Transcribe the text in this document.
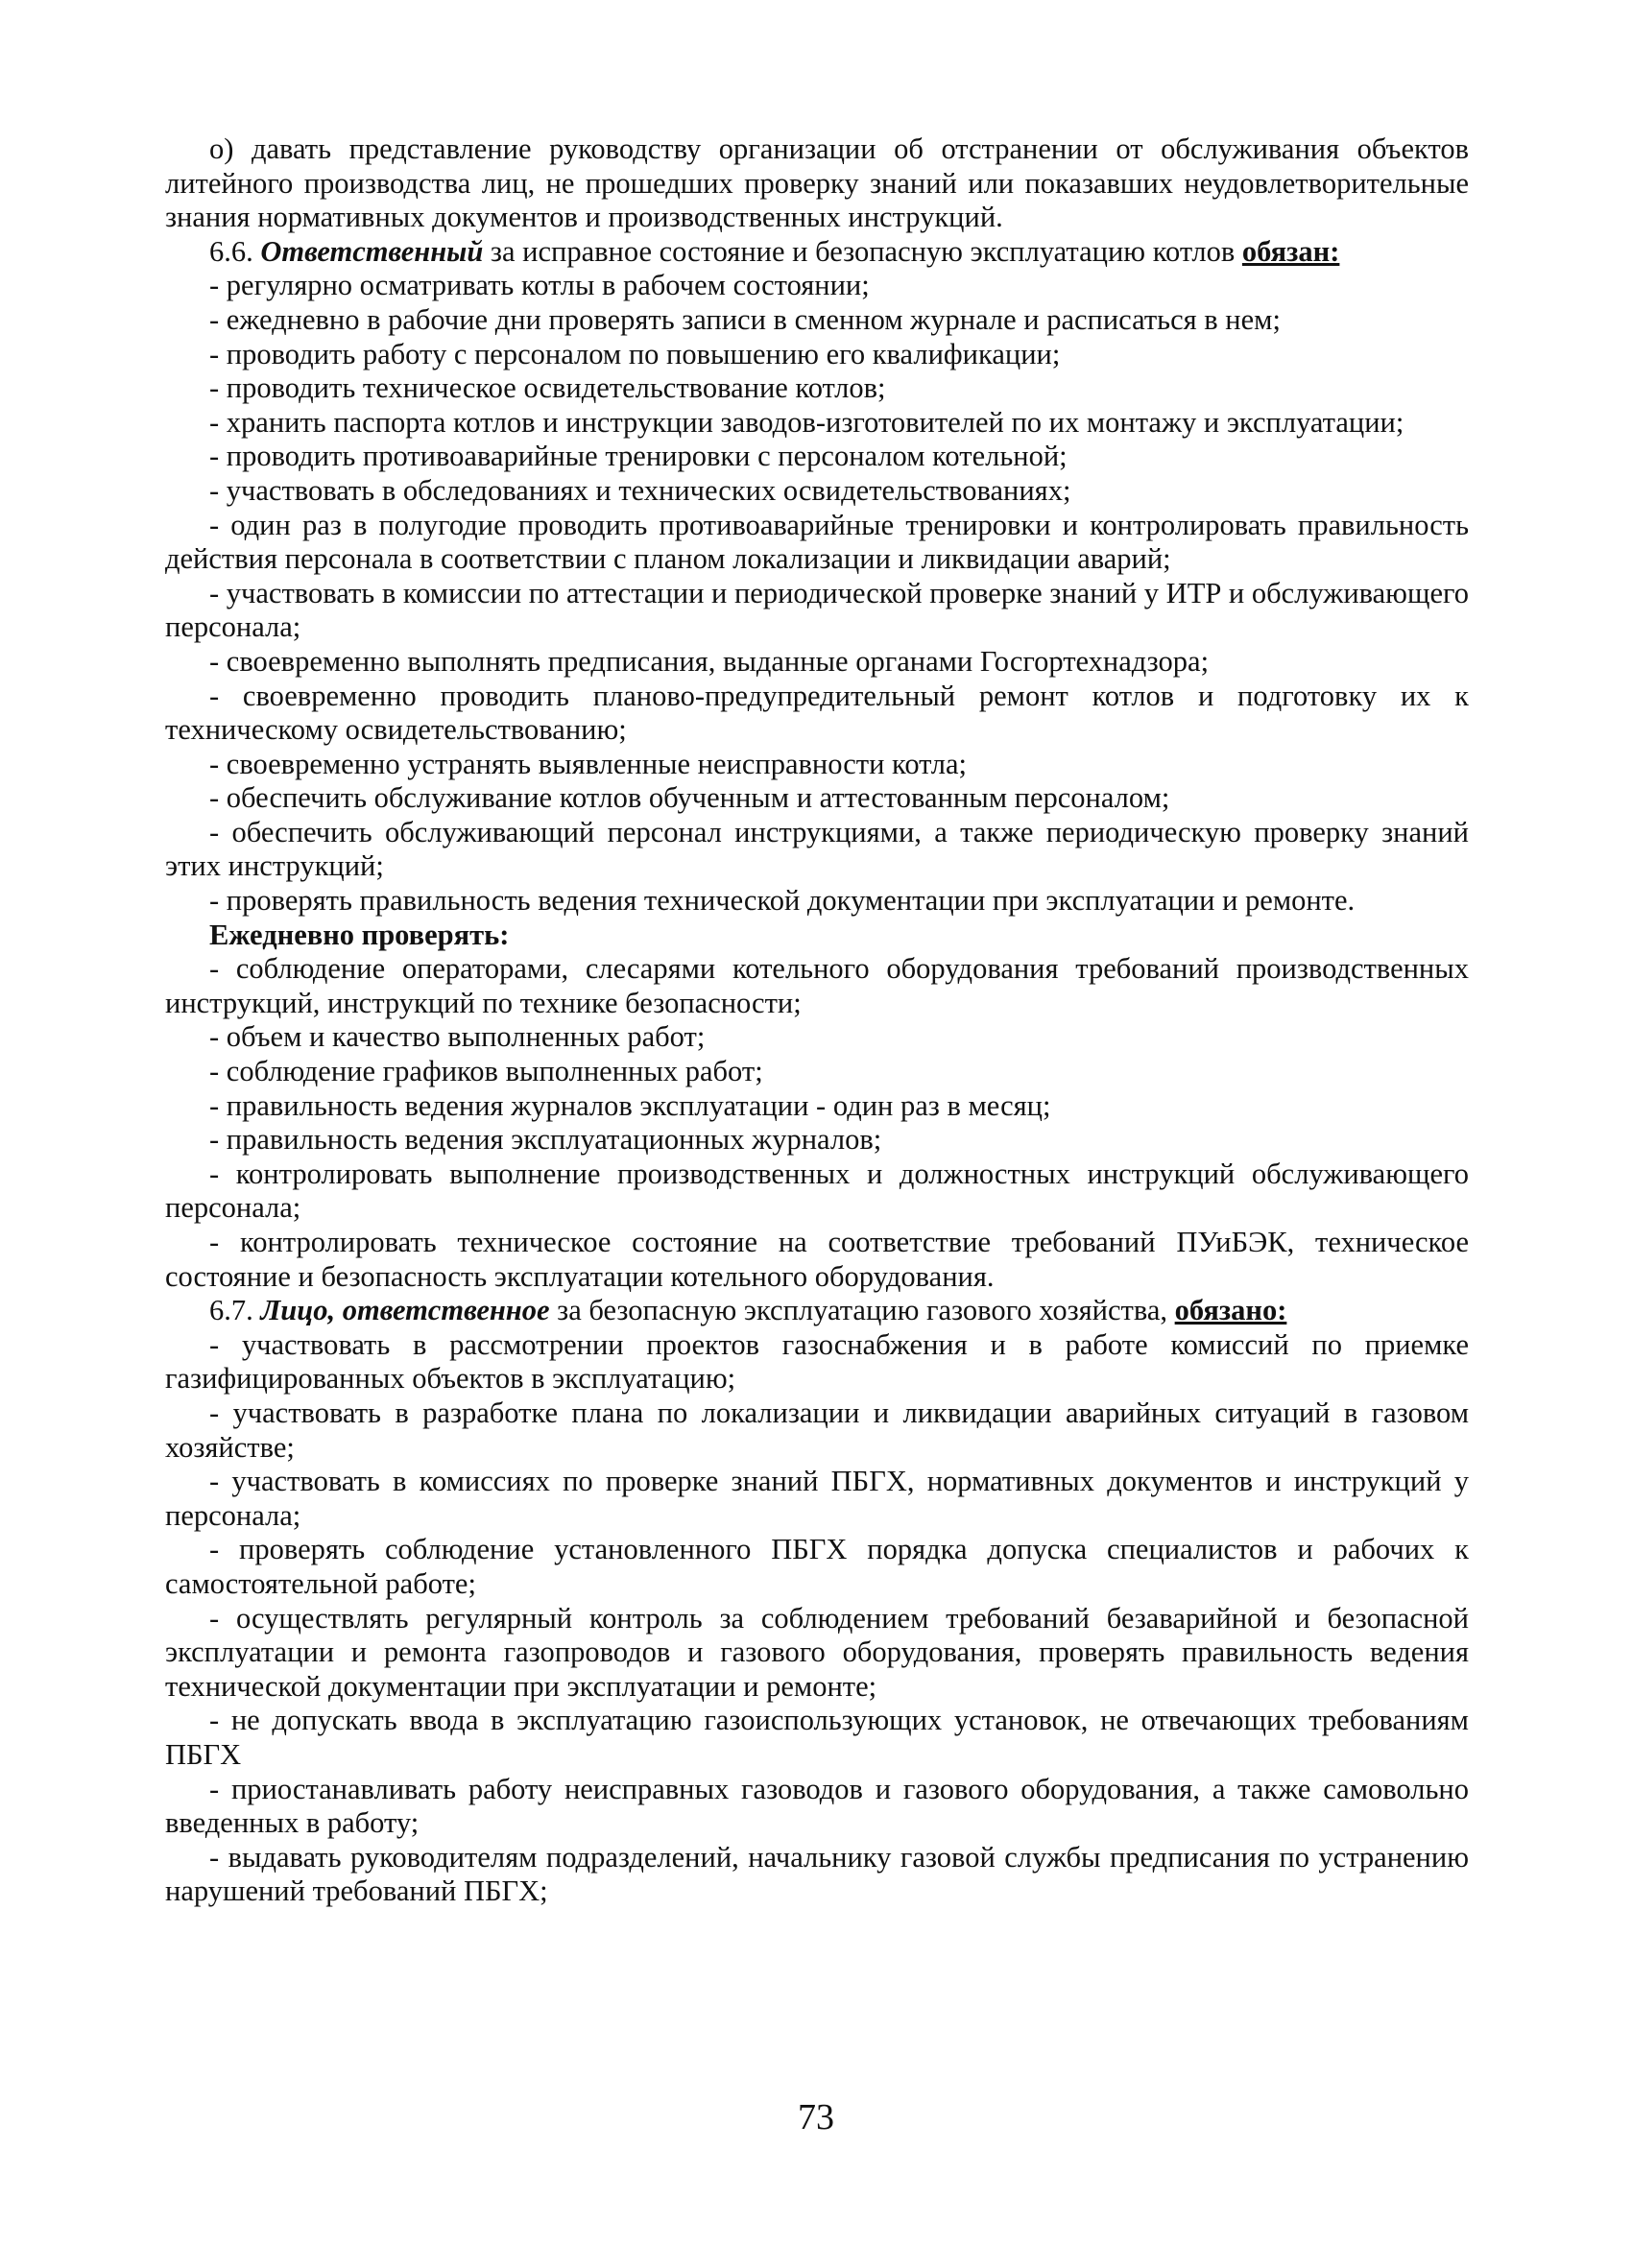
о) давать представление руководству организации об отстранении от обслуживания объектов литейного производства лиц, не прошедших проверку знаний или показавших неудовлетворительные знания нормативных документов и производственных инструкций.

6.6. Ответственный за исправное состояние и безопасную эксплуатацию котлов обязан:

- регулярно осматривать котлы в рабочем состоянии;

- ежедневно в рабочие дни проверять записи в сменном журнале и расписаться в нем;

- проводить работу с персоналом по повышению его квалификации;

- проводить техническое освидетельствование котлов;

- хранить паспорта котлов и инструкции заводов-изготовителей по их монтажу и эксплуатации;

- проводить противоаварийные тренировки с персоналом котельной;

- участвовать в обследованиях и технических освидетельствованиях;

- один раз в полугодие проводить противоаварийные тренировки и контролировать правильность действия персонала в соответствии с планом локализации и ликвидации аварий;

- участвовать в комиссии по аттестации и периодической проверке знаний у ИТР и обслуживающего персонала;

- своевременно выполнять предписания, выданные органами Госгортехнадзора;

- своевременно проводить планово-предупредительный ремонт котлов и подготовку их к техническому освидетельствованию;

- своевременно устранять выявленные неисправности котла;

- обеспечить обслуживание котлов обученным и аттестованным персоналом;

- обеспечить обслуживающий персонал инструкциями, а также периодическую проверку знаний этих инструкций;

- проверять правильность ведения технической документации при эксплуатации и ремонте.

Ежедневно проверять:

- соблюдение операторами, слесарями котельного оборудования требований производственных инструкций, инструкций по технике безопасности;

- объем и качество выполненных работ;

- соблюдение графиков выполненных работ;

- правильность ведения журналов эксплуатации - один раз в месяц;

- правильность ведения эксплуатационных журналов;

- контролировать выполнение производственных и должностных инструкций обслуживающего персонала;

- контролировать техническое состояние на соответствие требований ПУиБЭК, техническое состояние и безопасность эксплуатации котельного оборудования.

6.7. Лицо, ответственное за безопасную эксплуатацию газового хозяйства, обязано:

- участвовать в рассмотрении проектов газоснабжения и в работе комиссий по приемке газифицированных объектов в эксплуатацию;

- участвовать в разработке плана по локализации и ликвидации аварийных ситуаций в газовом хозяйстве;

- участвовать в комиссиях по проверке знаний ПБГХ, нормативных документов и инструкций у персонала;

- проверять соблюдение установленного ПБГХ порядка допуска специалистов и рабочих к самостоятельной работе;

- осуществлять регулярный контроль за соблюдением требований безаварийной и безопасной эксплуатации и ремонта газопроводов и газового оборудования, проверять правильность ведения технической документации при эксплуатации и ремонте;

- не допускать ввода в эксплуатацию газоиспользующих установок, не отвечающих требованиям ПБГХ

- приостанавливать работу неисправных газоводов и газового оборудования, а также самовольно введенных в работу;

- выдавать руководителям подразделений, начальнику газовой службы предписания по устранению нарушений требований ПБГХ;

73
